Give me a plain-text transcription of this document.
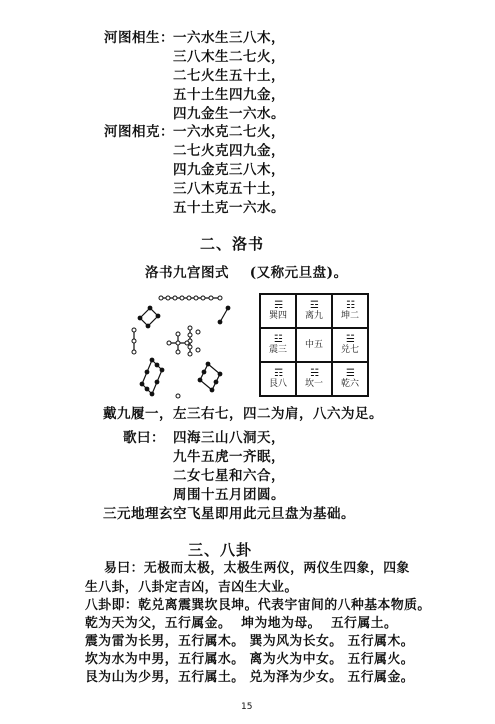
河图相生： 一六水生三八木，
三八木生二七火，
二七火生五十土，
五十土生四九金，
四九金生一六水。
河图相克： 一六水克二七火，
二七火克四九金，
四九金克三八木，
三八木克五十土，
五十土克一六水。
二、洛书
洛书九宫图式    (又称元旦盘)。
☴
巽四
☲
离九
☷
坤二
☳
震三
中五 ☱
兑七
☶
艮八
☵
坎一
☰
乾六
戴九履一，左三右七，四二为肩，八六为足。
歌曰： 四海三山八洞天，
九牛五虎一齐眠，
二女七星和六合，
周围十五月团圆。
三元地理玄空飞星即用此元旦盘为基础。
三、八卦
易曰：无极而太极，太极生两仪，两仪生四象，四象
生八卦，八卦定吉凶，吉凶生大业。
八卦即：乾兑离震巽坎艮坤。代表宇宙间的八种基本物质。
乾为天为父，五行属金。  坤为地为母。  五行属土。
震为雷为长男，五行属木。 巽为风为长女。 五行属木。
坎为水为中男，五行属水。 离为火为中女。 五行属火。
艮为山为少男，五行属土。 兑为泽为少女。 五行属金。
15
